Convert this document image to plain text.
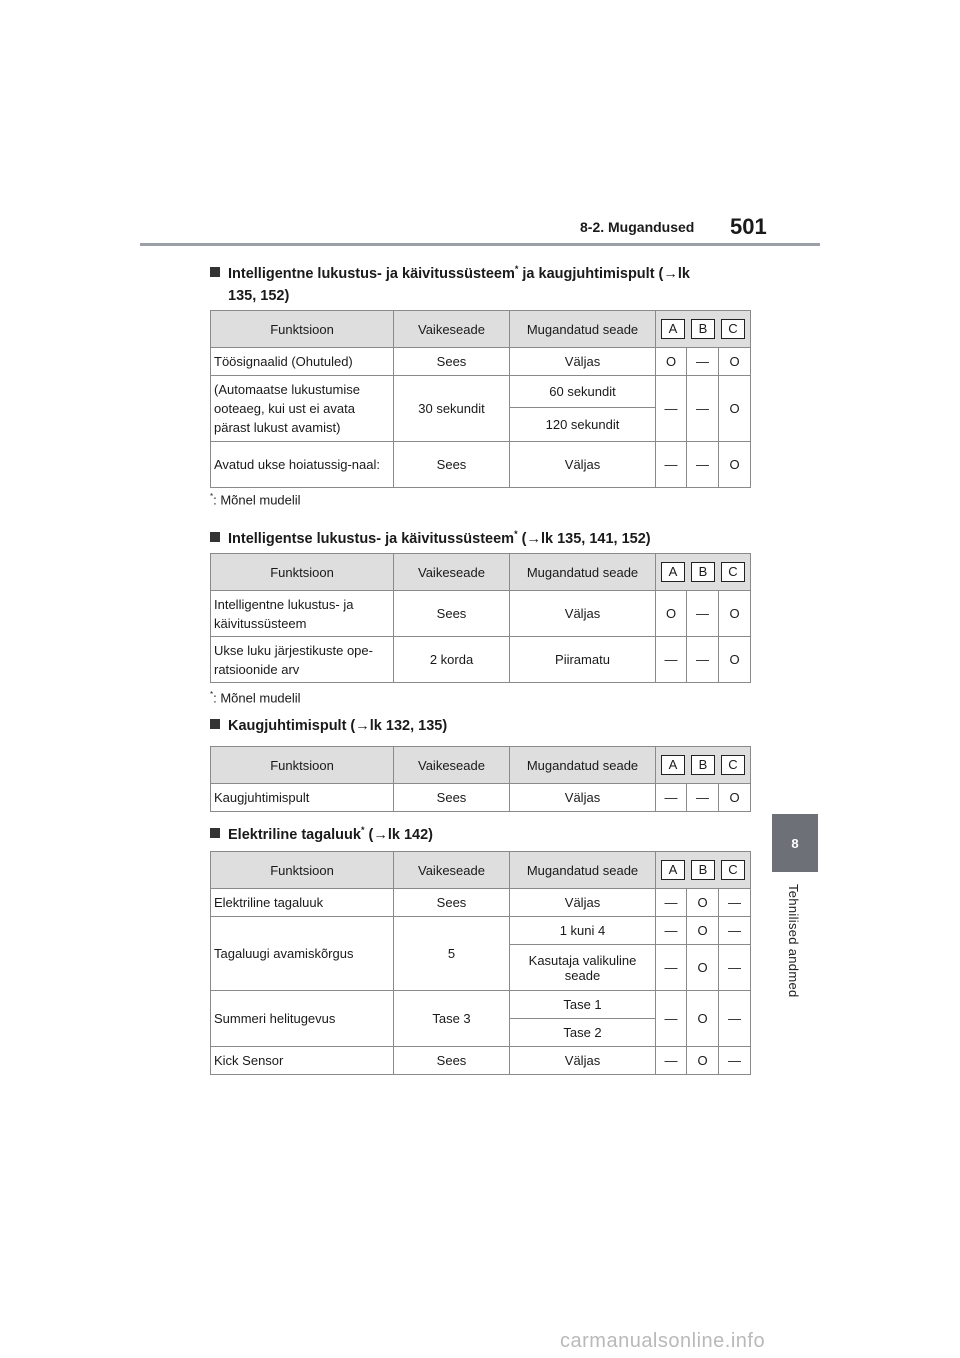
8-2. Mugandused 501
8
Tehnilised andmed
Intelligentne lukustus- ja käivitussüsteem* ja kaugjuhtimispult (→lk
135, 152)
Funktsioon	Vaikeseade	Mugandatud seade	A B C		
Töösignaalid (Ohutuled)	Sees	Väljas	O	—	O
(Automaatse lukustumise ooteaeg, kui ust ei avata pärast lukust avamist)	30 sekundit	60 sekundit	—	—	O
		120 sekundit			
Avatud ukse hoiatussig-naal:	Sees	Väljas	—	—	O
*: Mõnel mudelil
Intelligentse lukustus- ja käivitussüsteem* (→lk 135, 141, 152)
Funktsioon	Vaikeseade	Mugandatud seade	A B C		
Intelligentne lukustus- ja käivitussüsteem	Sees	Väljas	O	—	O
Ukse luku järjestikuste ope-ratsioonide arv	2 korda	Piiramatu	—	—	O
*: Mõnel mudelil
Kaugjuhtimispult (→lk 132, 135)
Funktsioon	Vaikeseade	Mugandatud seade	A B C		
Kaugjuhtimispult	Sees	Väljas	—	—	O
Elektriline tagaluuk* (→lk 142)
Funktsioon	Vaikeseade	Mugandatud seade	A B C		
Elektriline tagaluuk	Sees	Väljas	—	O	—
Tagaluugi avamiskõrgus	5	1 kuni 4	—	O	—
		Kasutaja valikuline seade	—	O	—
Summeri helitugevus	Tase 3	Tase 1	—	O	—
		Tase 2			
Kick Sensor	Sees	Väljas	—	O	—
carmanualsonline.info
